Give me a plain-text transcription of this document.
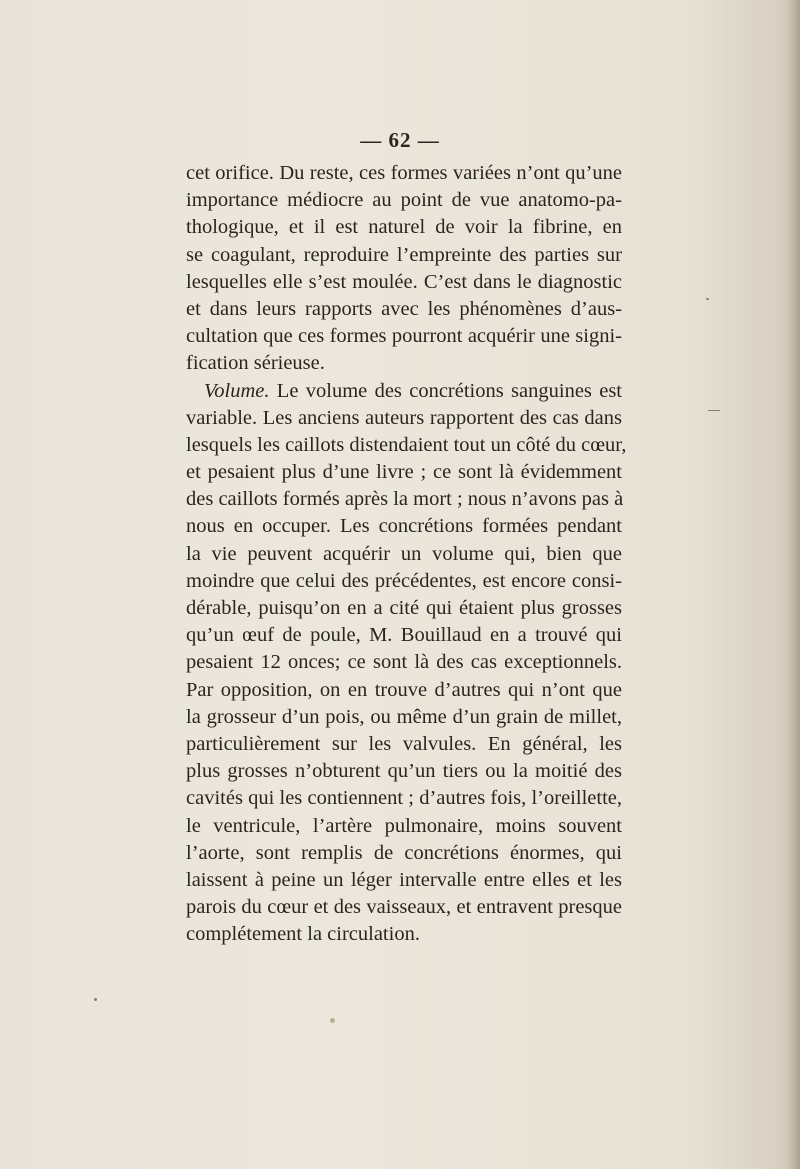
— 62 —
cet orifice. Du reste, ces formes variées n’ont qu’une
importance médiocre au point de vue anatomo-pa-
thologique, et il est naturel de voir la fibrine, en
se coagulant, reproduire l’empreinte des parties sur
lesquelles elle s’est moulée. C’est dans le diagnostic
et dans leurs rapports avec les phénomènes d’aus-
cultation que ces formes pourront acquérir une signi-
fication sérieuse.
Volume. Le volume des concrétions sanguines est
variable. Les anciens auteurs rapportent des cas dans
lesquels les caillots distendaient tout un côté du cœur,
et pesaient plus d’une livre ; ce sont là évidemment
des caillots formés après la mort ; nous n’avons pas à
nous en occuper. Les concrétions formées pendant
la vie peuvent acquérir un volume qui, bien que
moindre que celui des précédentes, est encore consi-
dérable, puisqu’on en a cité qui étaient plus grosses
qu’un œuf de poule, M. Bouillaud en a trouvé qui
pesaient 12 onces; ce sont là des cas exceptionnels.
Par opposition, on en trouve d’autres qui n’ont que
la grosseur d’un pois, ou même d’un grain de millet,
particulièrement sur les valvules. En général, les
plus grosses n’obturent qu’un tiers ou la moitié des
cavités qui les contiennent ; d’autres fois, l’oreillette,
le ventricule, l’artère pulmonaire, moins souvent
l’aorte, sont remplis de concrétions énormes, qui
laissent à peine un léger intervalle entre elles et les
parois du cœur et des vaisseaux, et entravent presque
complétement la circulation.
